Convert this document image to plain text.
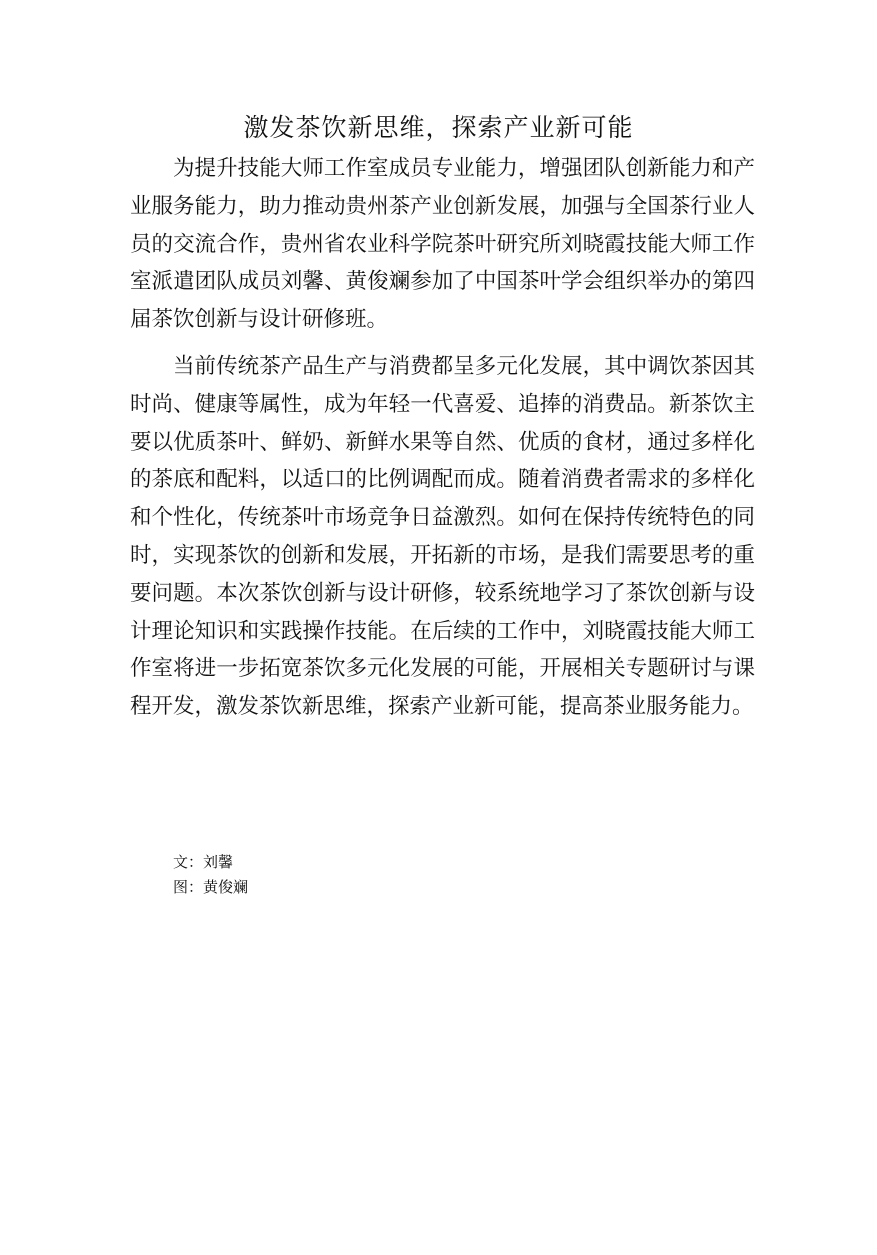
激发茶饮新思维，探索产业新可能

为提升技能大师工作室成员专业能力，增强团队创新能力和产业服务能力，助力推动贵州茶产业创新发展，加强与全国茶行业人员的交流合作，贵州省农业科学院茶叶研究所刘晓霞技能大师工作室派遣团队成员刘馨、黄俊斓参加了中国茶叶学会组织举办的第四届茶饮创新与设计研修班。

当前传统茶产品生产与消费都呈多元化发展，其中调饮茶因其时尚、健康等属性，成为年轻一代喜爱、追捧的消费品。新茶饮主要以优质茶叶、鲜奶、新鲜水果等自然、优质的食材，通过多样化的茶底和配料，以适口的比例调配而成。随着消费者需求的多样化和个性化，传统茶叶市场竞争日益激烈。如何在保持传统特色的同时，实现茶饮的创新和发展，开拓新的市场，是我们需要思考的重要问题。本次茶饮创新与设计研修，较系统地学习了茶饮创新与设计理论知识和实践操作技能。在后续的工作中，刘晓霞技能大师工作室将进一步拓宽茶饮多元化发展的可能，开展相关专题研讨与课程开发，激发茶饮新思维，探索产业新可能，提高茶业服务能力。

文：刘馨
图：黄俊斓
